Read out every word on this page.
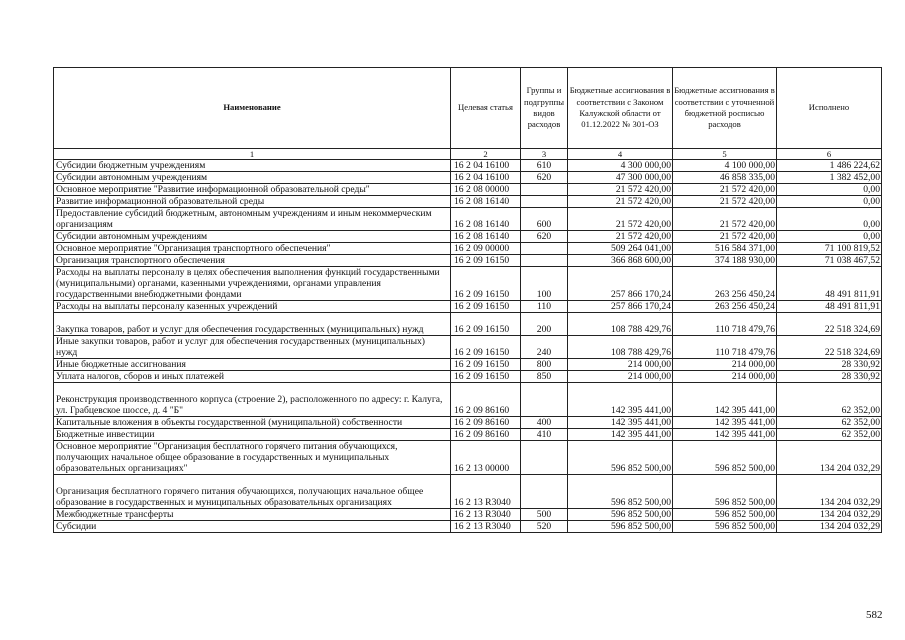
Наименование	Целевая статья	Группы и подгруппы видов расходов	Бюджетные ассигнования в соответствии с Законом Калужской области от 01.12.2022 № 301-ОЗ	Бюджетные ассигнования в соответствии с уточненной бюджетной росписью расходов	Исполнено
1	2	3	4	5	6
Субсидии бюджетным учреждениям	16 2 04 16100	610	4 300 000,00	4 100 000,00	1 486 224,62
Субсидии автономным учреждениям	16 2 04 16100	620	47 300 000,00	46 858 335,00	1 382 452,00
Основное мероприятие "Развитие информационной образовательной среды"	16 2 08 00000		21 572 420,00	21 572 420,00	0,00
Развитие информационной образовательной среды	16 2 08 16140		21 572 420,00	21 572 420,00	0,00
Предоставление субсидий бюджетным, автономным учреждениям и иным некоммерческим организациям	16 2 08 16140	600	21 572 420,00	21 572 420,00	0,00
Субсидии автономным учреждениям	16 2 08 16140	620	21 572 420,00	21 572 420,00	0,00
Основное мероприятие "Организация транспортного обеспечения"	16 2 09 00000		509 264 041,00	516 584 371,00	71 100 819,52
Организация транспортного обеспечения	16 2 09 16150		366 868 600,00	374 188 930,00	71 038 467,52
Расходы на выплаты персоналу в целях обеспечения выполнения функций государственными (муниципальными) органами, казенными учреждениями, органами управления государственными внебюджетными фондами	16 2 09 16150	100	257 866 170,24	263 256 450,24	48 491 811,91
Расходы на выплаты персоналу казенных учреждений	16 2 09 16150	110	257 866 170,24	263 256 450,24	48 491 811,91
Закупка товаров, работ и услуг для обеспечения государственных (муниципальных) нужд	16 2 09 16150	200	108 788 429,76	110 718 479,76	22 518 324,69
Иные закупки товаров, работ и услуг для обеспечения государственных (муниципальных) нужд	16 2 09 16150	240	108 788 429,76	110 718 479,76	22 518 324,69
Иные бюджетные ассигнования	16 2 09 16150	800	214 000,00	214 000,00	28 330,92
Уплата налогов, сборов и иных платежей	16 2 09 16150	850	214 000,00	214 000,00	28 330,92
Реконструкция производственного корпуса (строение 2), расположенного по адресу: г. Калуга, ул. Грабцевское шоссе, д. 4 "Б"	16 2 09 86160		142 395 441,00	142 395 441,00	62 352,00
Капитальные вложения в объекты государственной (муниципальной) собственности	16 2 09 86160	400	142 395 441,00	142 395 441,00	62 352,00
Бюджетные инвестиции	16 2 09 86160	410	142 395 441,00	142 395 441,00	62 352,00
Основное мероприятие "Организация бесплатного горячего питания обучающихся, получающих начальное общее образование в государственных и муниципальных образовательных организациях"	16 2 13 00000		596 852 500,00	596 852 500,00	134 204 032,29
Организация бесплатного горячего питания обучающихся, получающих начальное общее образование в государственных и муниципальных образовательных организациях	16 2 13 R3040		596 852 500,00	596 852 500,00	134 204 032,29
Межбюджетные трансферты	16 2 13 R3040	500	596 852 500,00	596 852 500,00	134 204 032,29
Субсидии	16 2 13 R3040	520	596 852 500,00	596 852 500,00	134 204 032,29
582
